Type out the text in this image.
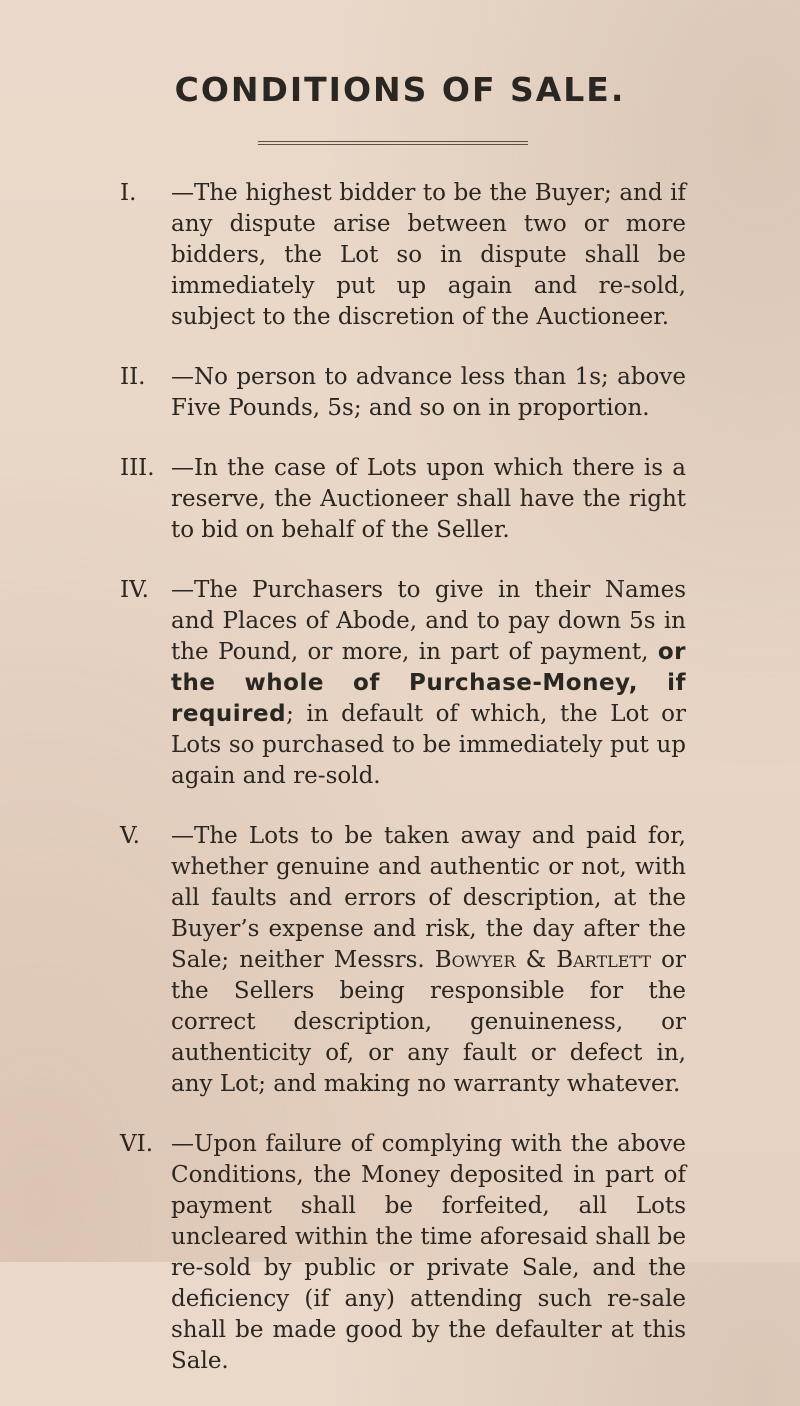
CONDITIONS OF SALE.

I. —The highest bidder to be the Buyer; and if any dispute arise between two or more bidders, the Lot so in dispute shall be immediately put up again and re-sold, subject to the discretion of the Auctioneer.

II. —No person to advance less than 1s; above Five Pounds, 5s; and so on in proportion.

III. —In the case of Lots upon which there is a reserve, the Auctioneer shall have the right to bid on behalf of the Seller.

IV. —The Purchasers to give in their Names and Places of Abode, and to pay down 5s in the Pound, or more, in part of payment, or the whole of Purchase-Money, if required; in default of which, the Lot or Lots so purchased to be immediately put up again and re-sold.

V. —The Lots to be taken away and paid for, whether genuine and authentic or not, with all faults and errors of description, at the Buyer’s expense and risk, the day after the Sale; neither Messrs. Bowyer & Bartlett or the Sellers being responsible for the correct description, genuineness, or authenticity of, or any fault or defect in, any Lot; and making no warranty whatever.

VI. —Upon failure of complying with the above Conditions, the Money deposited in part of payment shall be forfeited, all Lots uncleared within the time aforesaid shall be re-sold by public or private Sale, and the deficiency (if any) attending such re-sale shall be made good by the defaulter at this Sale.
